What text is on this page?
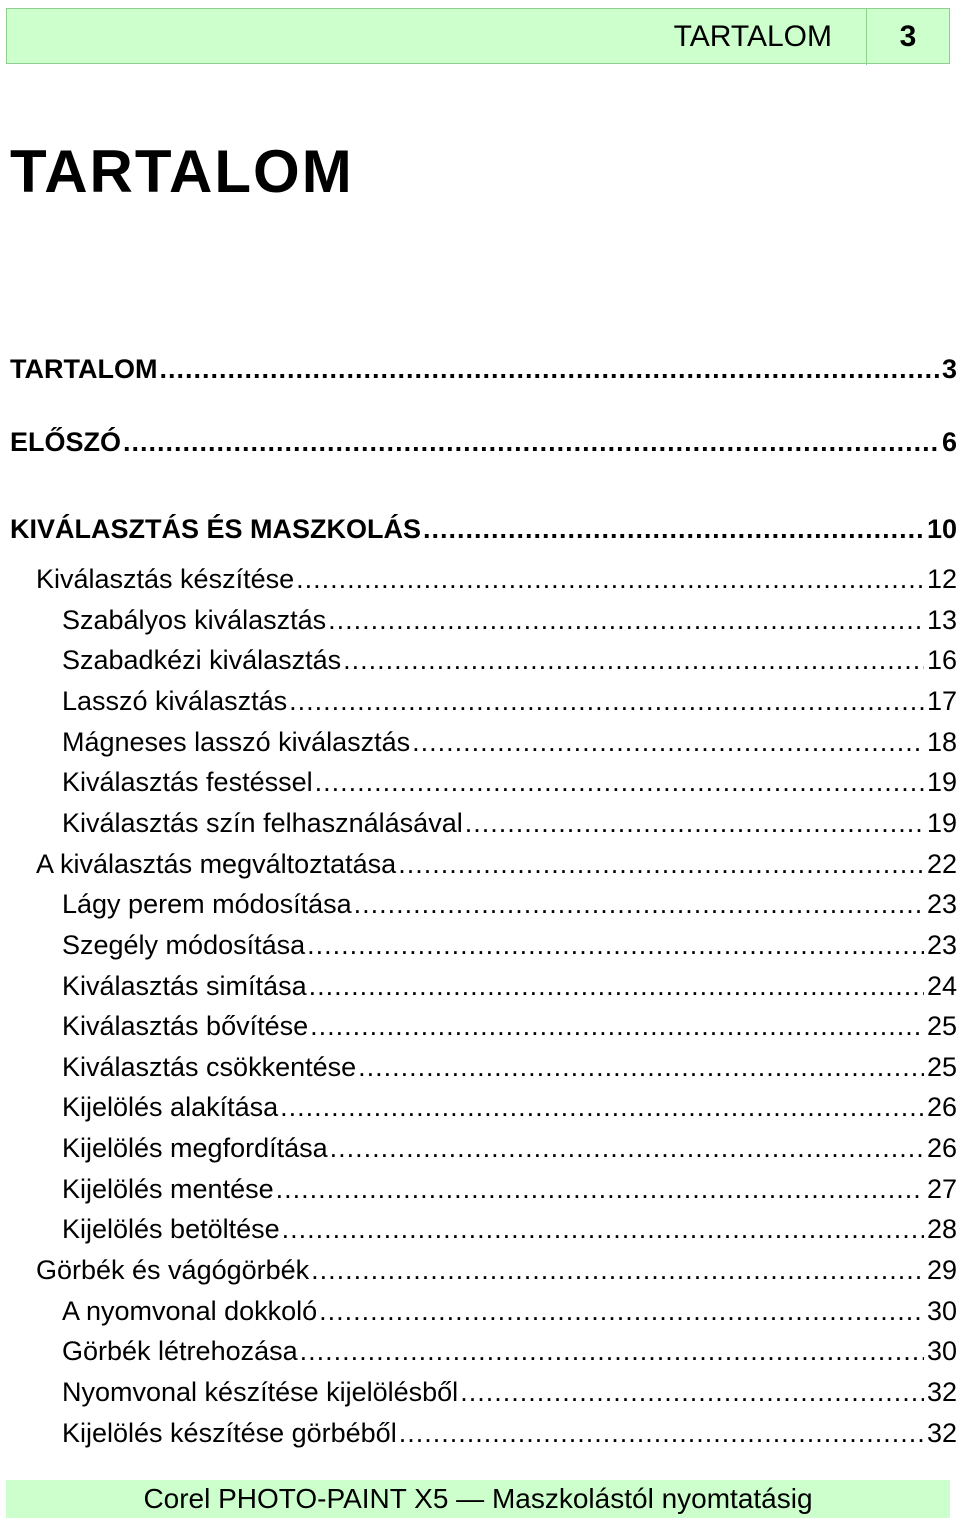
TARTALOM	3
TARTALOM
TARTALOM .....	3
ELŐSZÓ .....	6
KIVÁLASZTÁS ÉS MASZKOLÁS .....	10
Kiválasztás készítése .....	12
Szabályos kiválasztás .....	13
Szabadkézi kiválasztás .....	16
Lasszó kiválasztás .....	17
Mágneses lasszó kiválasztás .....	18
Kiválasztás festéssel .....	19
Kiválasztás szín felhasználásával .....	19
A kiválasztás megváltoztatása .....	22
Lágy perem módosítása .....	23
Szegély módosítása .....	23
Kiválasztás simítása .....	24
Kiválasztás bővítése .....	25
Kiválasztás csökkentése .....	25
Kijelölés alakítása .....	26
Kijelölés megfordítása .....	26
Kijelölés mentése .....	27
Kijelölés betöltése .....	28
Görbék és vágógörbék .....	29
A nyomvonal dokkoló .....	30
Görbék létrehozása .....	30
Nyomvonal készítése kijelölésből .....	32
Kijelölés készítése görbéből .....	32
Corel PHOTO-PAINT X5 — Maszkolástól nyomtatásig
